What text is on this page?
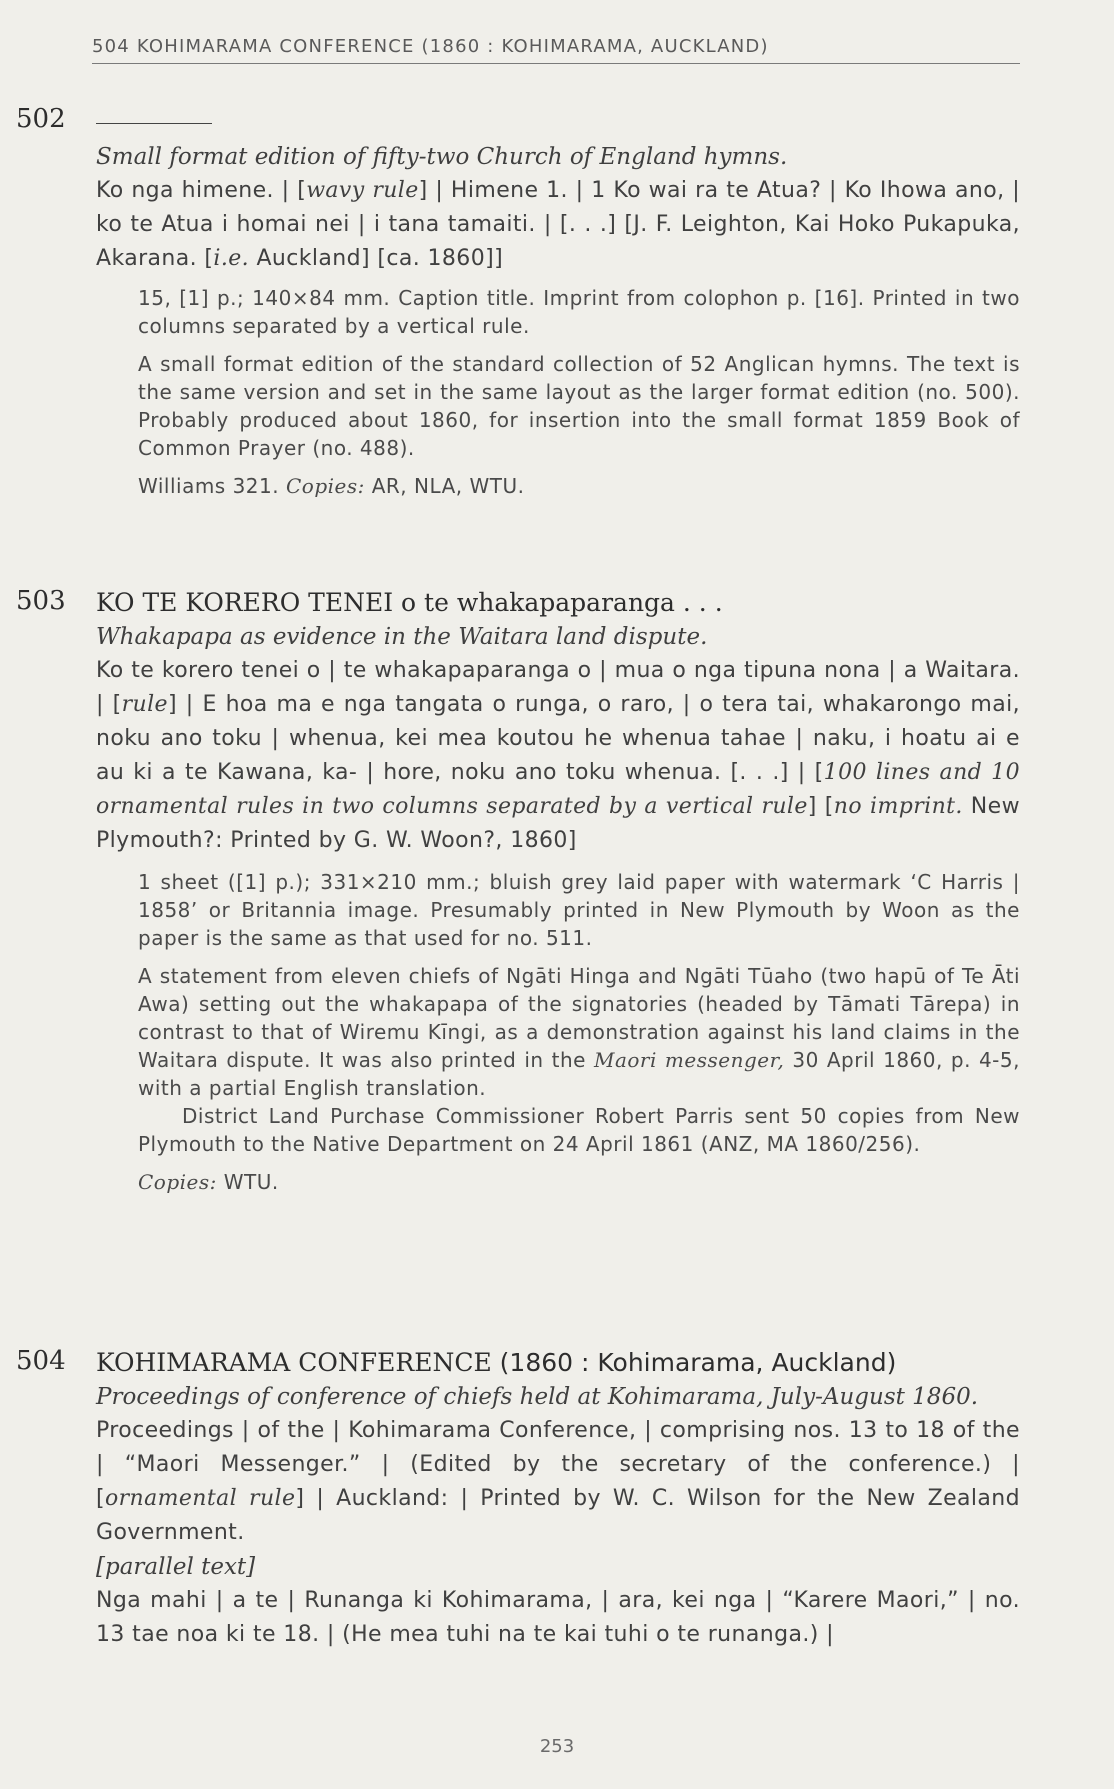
504 KOHIMARAMA CONFERENCE (1860 : KOHIMARAMA, AUCKLAND)
502
Small format edition of fifty-two Church of England hymns.
Ko nga himene. | [wavy rule] | Himene 1. | 1 Ko wai ra te Atua? | Ko Ihowa ano, | ko te Atua i homai nei | i tana tamaiti. | [. . .] [J. F. Leighton, Kai Hoko Pukapuka, Akarana. [i.e. Auckland] [ca. 1860]]
15, [1] p.; 140×84 mm. Caption title. Imprint from colophon p. [16]. Printed in two columns separated by a vertical rule.
A small format edition of the standard collection of 52 Anglican hymns. The text is the same version and set in the same layout as the larger format edition (no. 500). Probably produced about 1860, for insertion into the small format 1859 Book of Common Prayer (no. 488).
Williams 321. Copies: AR, NLA, WTU.
503 KO TE KORERO TENEI o te whakapaparanga . . .
Whakapapa as evidence in the Waitara land dispute.
Ko te korero tenei o | te whakapaparanga o | mua o nga tipuna nona | a Waitara. | [rule] | E hoa ma e nga tangata o runga, o raro, | o tera tai, whakarongo mai, noku ano toku | whenua, kei mea koutou he whenua tahae | naku, i hoatu ai e au ki a te Kawana, ka- | hore, noku ano toku whenua. [. . .] | [100 lines and 10 ornamental rules in two columns separated by a vertical rule] [no imprint. New Plymouth?: Printed by G. W. Woon?, 1860]
1 sheet ([1] p.); 331×210 mm.; bluish grey laid paper with watermark ‘C Harris | 1858’ or Britannia image. Presumably printed in New Plymouth by Woon as the paper is the same as that used for no. 511.
A statement from eleven chiefs of Ngāti Hinga and Ngāti Tūaho (two hapū of Te Āti Awa) setting out the whakapapa of the signatories (headed by Tāmati Tārepa) in contrast to that of Wiremu Kīngi, as a demonstration against his land claims in the Waitara dispute. It was also printed in the Maori messenger, 30 April 1860, p. 4-5, with a partial English translation.
District Land Purchase Commissioner Robert Parris sent 50 copies from New Plymouth to the Native Department on 24 April 1861 (ANZ, MA 1860/256).
Copies: WTU.
504 KOHIMARAMA CONFERENCE (1860 : Kohimarama, Auckland)
Proceedings of conference of chiefs held at Kohimarama, July-August 1860.
Proceedings | of the | Kohimarama Conference, | comprising nos. 13 to 18 of the | “Maori Messenger.” | (Edited by the secretary of the conference.) | [ornamental rule] | Auckland: | Printed by W. C. Wilson for the New Zealand Government.
[parallel text]
Nga mahi | a te | Runanga ki Kohimarama, | ara, kei nga | “Karere Maori,” | no. 13 tae noa ki te 18. | (He mea tuhi na te kai tuhi o te runanga.) |
253
